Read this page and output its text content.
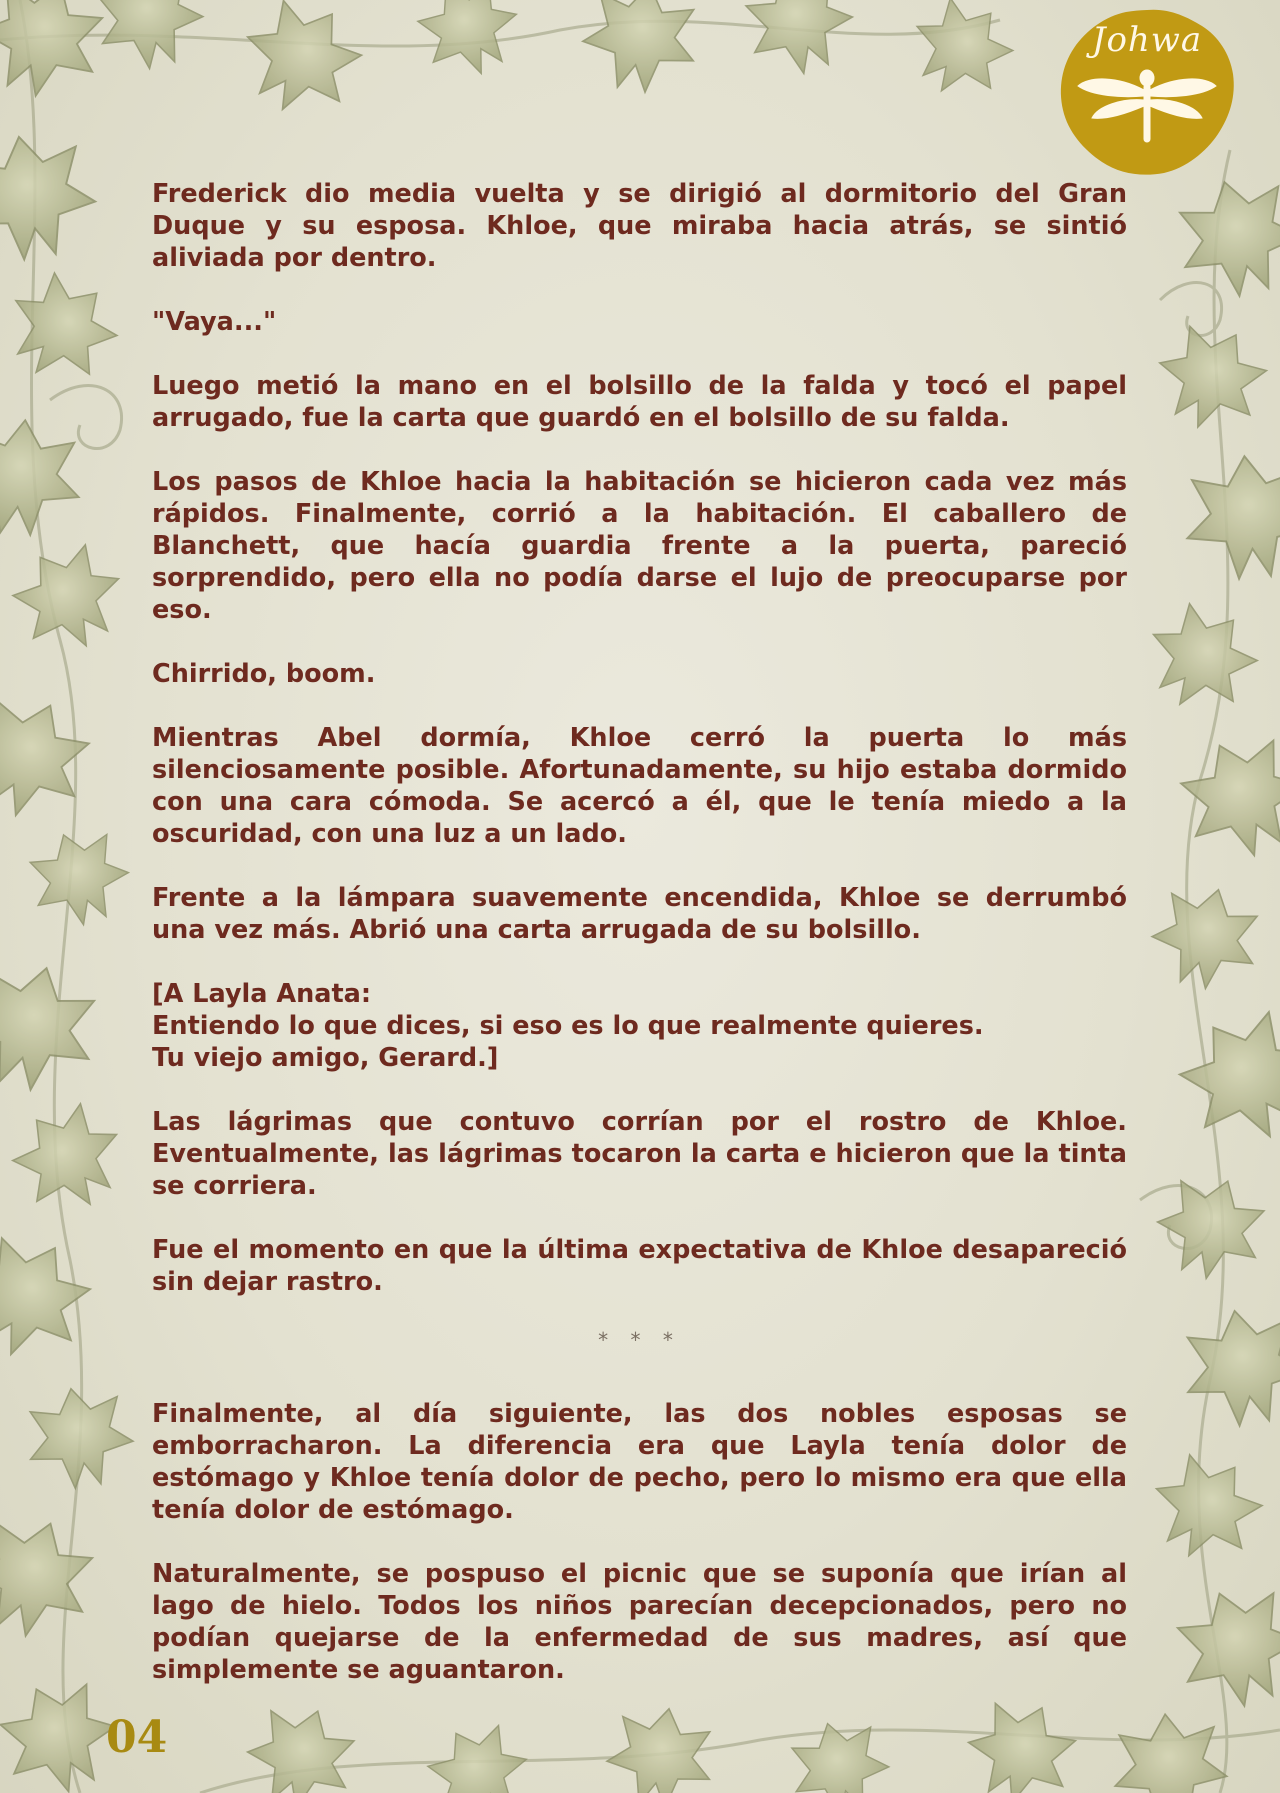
Johwa

Frederick dio media vuelta y se dirigió al dormitorio del Gran Duque y su esposa. Khloe, que miraba hacia atrás, se sintió aliviada por dentro.

"Vaya..."

Luego metió la mano en el bolsillo de la falda y tocó el papel arrugado, fue la carta que guardó en el bolsillo de su falda.

Los pasos de Khloe hacia la habitación se hicieron cada vez más rápidos. Finalmente, corrió a la habitación. El caballero de Blanchett, que hacía guardia frente a la puerta, pareció sorprendido, pero ella no podía darse el lujo de preocuparse por eso.

Chirrido, boom.

Mientras Abel dormía, Khloe cerró la puerta lo más silenciosamente posible. Afortunadamente, su hijo estaba dormido con una cara cómoda. Se acercó a él, que le tenía miedo a la oscuridad, con una luz a un lado.

Frente a la lámpara suavemente encendida, Khloe se derrumbó una vez más. Abrió una carta arrugada de su bolsillo.

[A Layla Anata:
Entiendo lo que dices, si eso es lo que realmente quieres.
Tu viejo amigo, Gerard.]

Las lágrimas que contuvo corrían por el rostro de Khloe. Eventualmente, las lágrimas tocaron la carta e hicieron que la tinta se corriera.

Fue el momento en que la última expectativa de Khloe desapareció sin dejar rastro.

* * *

Finalmente, al día siguiente, las dos nobles esposas se emborracharon. La diferencia era que Layla tenía dolor de estómago y Khloe tenía dolor de pecho, pero lo mismo era que ella tenía dolor de estómago.

Naturalmente, se pospuso el picnic que se suponía que irían al lago de hielo. Todos los niños parecían decepcionados, pero no podían quejarse de la enfermedad de sus madres, así que simplemente se aguantaron.

04
